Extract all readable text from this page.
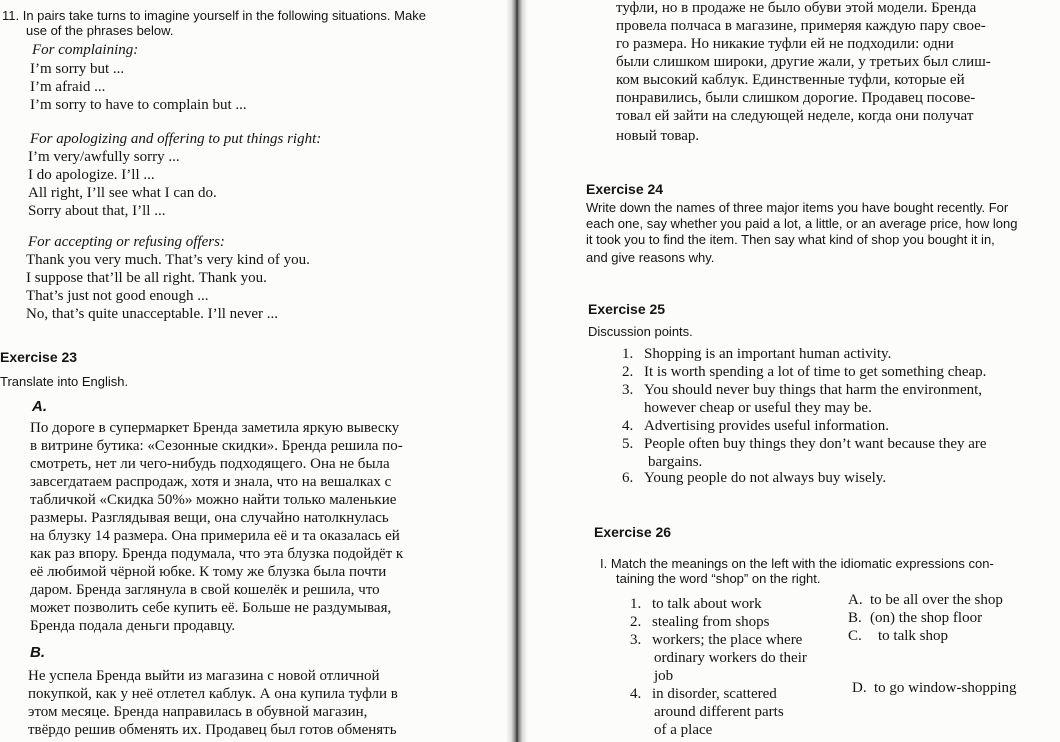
11. In pairs take turns to imagine yourself in the following situations. Make
use of the phrases below.
For complaining:
I’m sorry but ...
I’m afraid ...
I’m sorry to have to complain but ...
For apologizing and offering to put things right:
I’m very/awfully sorry ...
I do apologize. I’ll ...
All right, I’ll see what I can do.
Sorry about that, I’ll ...
For accepting or refusing offers:
Thank you very much. That’s very kind of you.
I suppose that’ll be all right. Thank you.
That’s just not good enough ...
No, that’s quite unacceptable. I’ll never ...
Exercise 23
Translate into English.
A.
По дороге в супермаркет Бренда заметила яркую вывеску
в витрине бутика: «Сезонные скидки». Бренда решила по-
смотреть, нет ли чего-нибудь подходящего. Она не была
завсегдатаем распродаж, хотя и знала, что на вешалках с
табличкой «Скидка 50%» можно найти только маленькие
размеры. Разглядывая вещи, она случайно натолкнулась
на блузку 14 размера. Она примерила её и та оказалась ей
как раз впору. Бренда подумала, что эта блузка подойдёт к
её любимой чёрной юбке. К тому же блузка была почти
даром. Бренда заглянула в свой кошелёк и решила, что
может позволить себе купить её. Больше не раздумывая,
Бренда подала деньги продавцу.
B.
Не успела Бренда выйти из магазина с новой отличной
покупкой, как у неё отлетел каблук. А она купила туфли в
этом месяце. Бренда направилась в обувной магазин,
твёрдо решив обменять их. Продавец был готов обменять
туфли, но в продаже не было обуви этой модели. Бренда
провела полчаса в магазине, примеряя каждую пару свое-
го размера. Но никакие туфли ей не подходили: одни
были слишком широки, другие жали, у третьих был слиш-
ком высокий каблук. Единственные туфли, которые ей
понравились, были слишком дорогие. Продавец посове-
товал ей зайти на следующей неделе, когда они получат
новый товар.
Exercise 24
Write down the names of three major items you have bought recently. For
each one, say whether you paid a lot, a little, or an average price, how long
it took you to find the item. Then say what kind of shop you bought it in,
and give reasons why.
Exercise 25
Discussion points.
1. Shopping is an important human activity.
2. It is worth spending a lot of time to get something cheap.
3. You should never buy things that harm the environment,
however cheap or useful they may be.
4. Advertising provides useful information.
5. People often buy things they don’t want because they are
bargains.
6. Young people do not always buy wisely.
Exercise 26
I. Match the meanings on the left with the idiomatic expressions con-
taining the word “shop” on the right.
1. to talk about work
2. stealing from shops
3. workers; the place where
ordinary workers do their
job
4. in disorder, scattered
around different parts
of a place
A. to be all over the shop
B. (on) the shop floor
C. to talk shop
D. to go window-shopping
